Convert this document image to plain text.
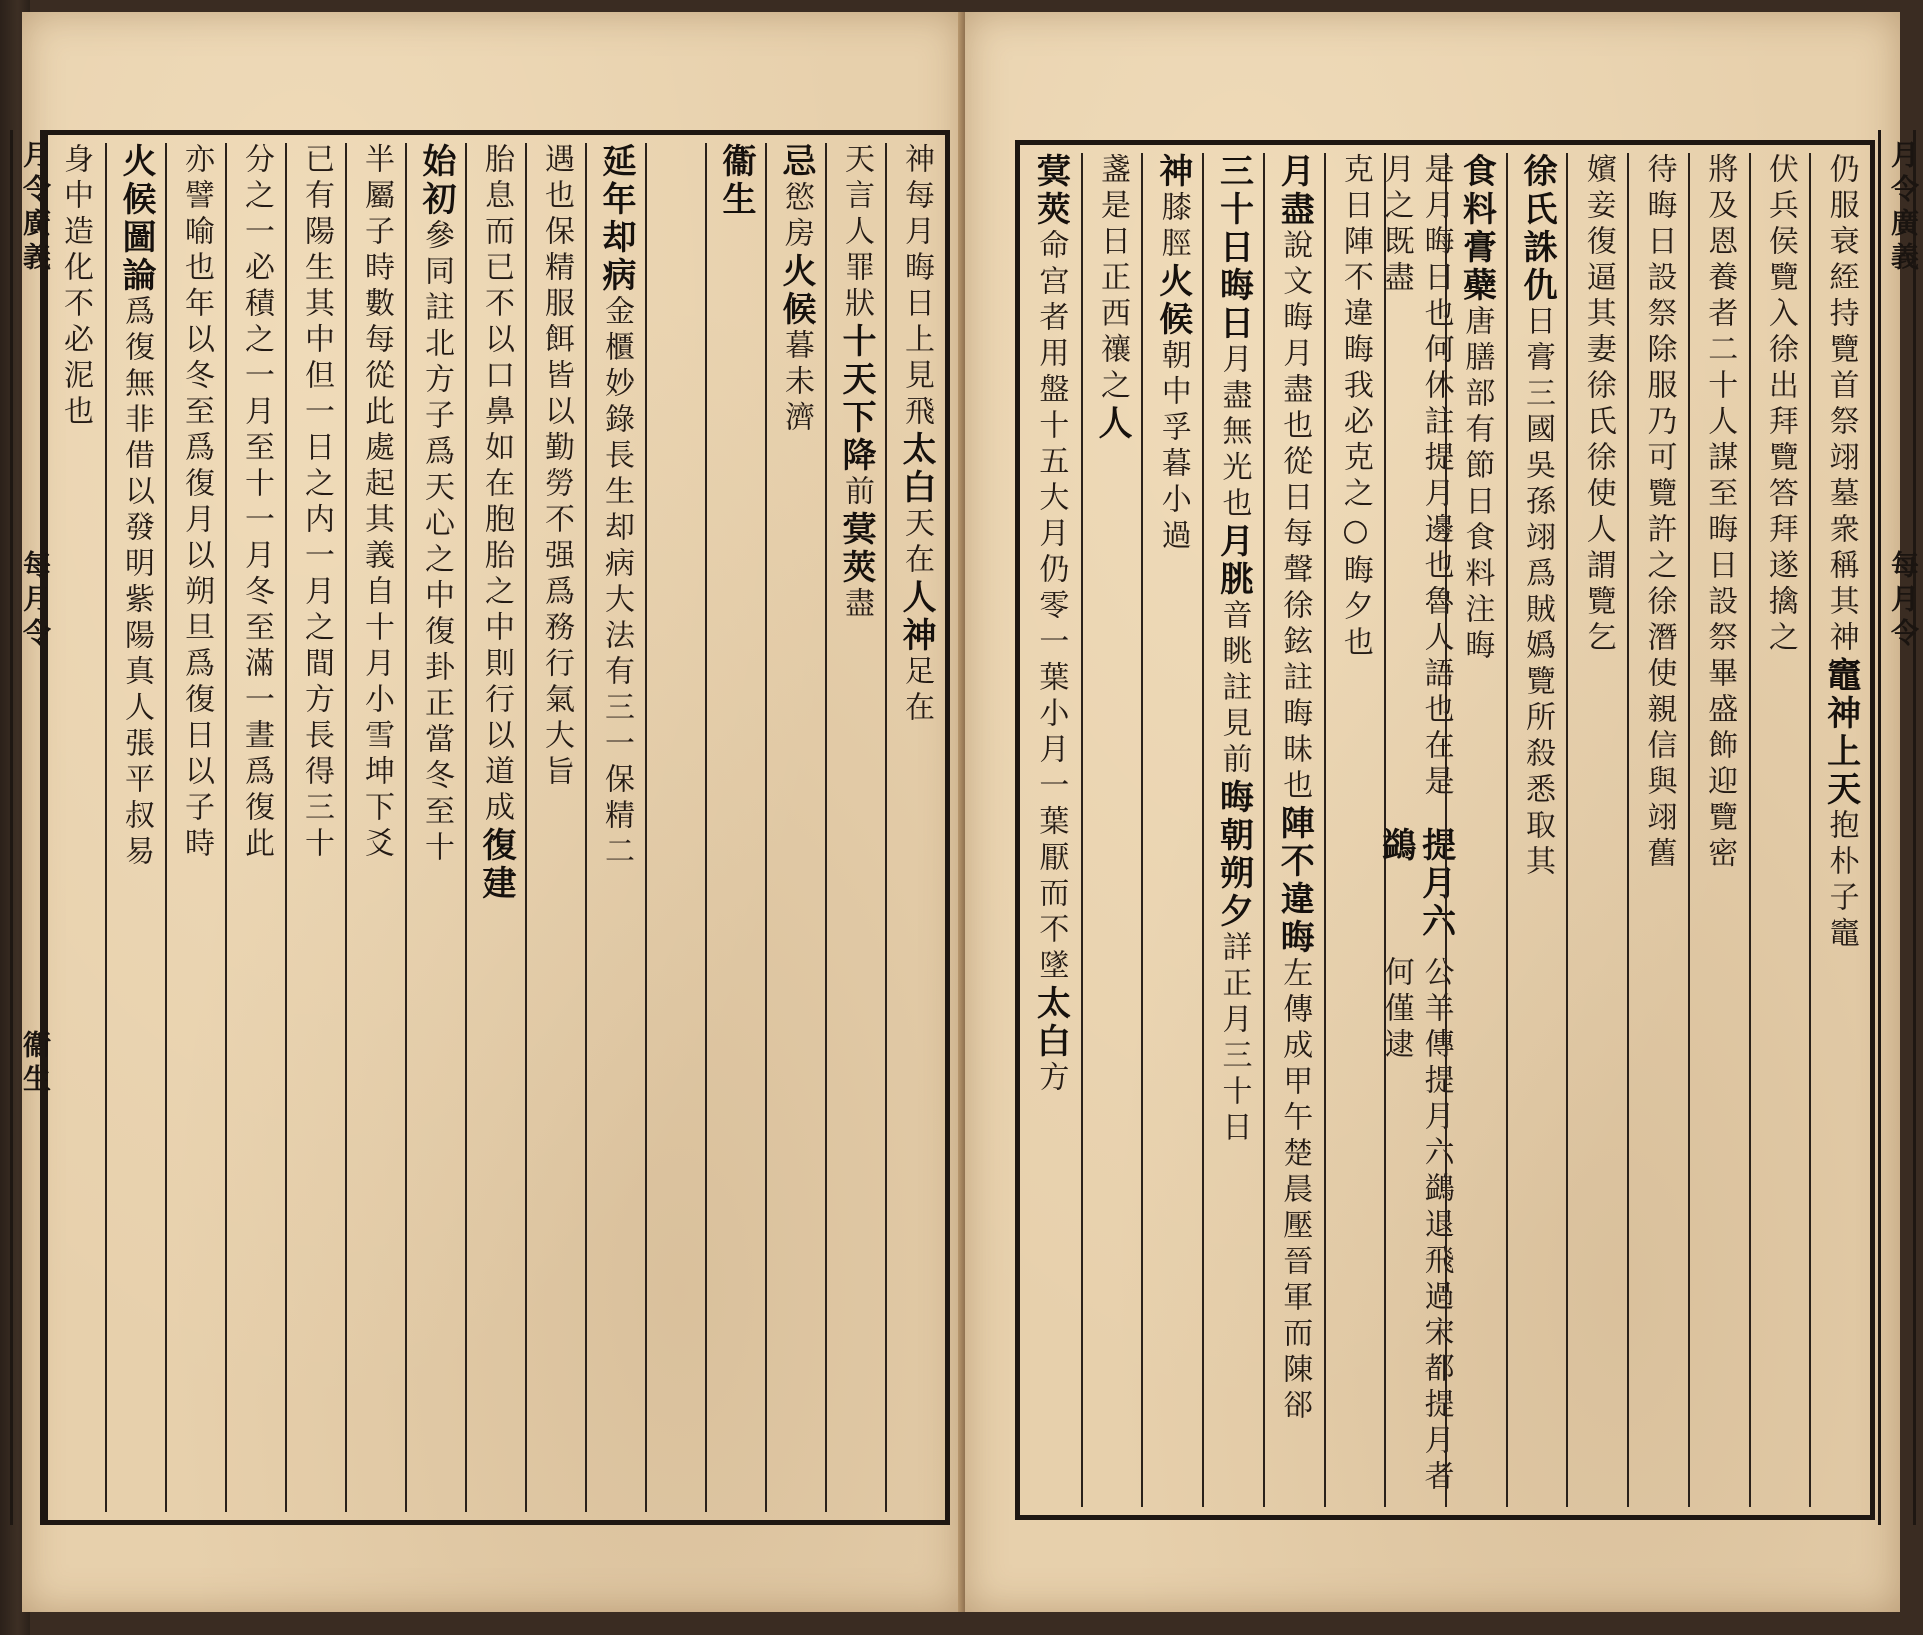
月令廣義
每月令
衞生
月令廣義
每月令
身中造化不必泥也 火候圖論
爲復無非借以發明
紫陽真人張平叔易 亦譬喻也年以冬至爲復月以朔旦爲復日以子時 分之一必積之一月至十一月冬至滿一晝爲復此 已有陽生其中但一日之内一月之間方長得三十 半屬子時數每從此處起其義自十月小雪坤下爻 始初
參同註北方子爲天心之中復卦正當冬至十 胎息而已不以口鼻如在胞胎之中則行以道成
復建
遇也保精服餌皆以勤勞不强爲務行氣大旨 延年却病
金櫃妙錄長生却病大法有三一保精二
衞生 忌
慾房
火候
暮未濟
天言人罪狀
十天下降
前
蓂莢
盡
神每月晦日上
見飛
太白
天在
人神
足在
蓂莢
命宫者用盤十五
大月仍零一葉小月一葉厭而不墜
太白
方
盞是日正西禳之
人
神
膝脛
火候
朝中孚暮小過
三十日晦日
月盡無光也
月朓
音眺註見前
晦朝朔夕
詳正月三十日
月盡
說文晦月盡也從日每聲徐鉉註晦昧也
陣不違晦
左傳成甲午楚晨壓晉軍而陳郤
克日陣不違晦我必克之○晦夕也	是月晦日也何休註提月邊也魯人語也在是月之既盡
提月六鷁
公羊傳提月六鷁退飛過宋都提月者何僅逮
食料膏蘗
唐膳部有節日食料注晦
徐氏誅仇
日膏
三國吳孫翊爲賊嬀覽所殺悉取其 嬪妾復逼其妻徐氏徐使人謂覽乞 待晦日設祭除服乃可覽許之徐潛使親信與翊舊 將及恩養者二十人謀至晦日設祭畢盛飾迎覽密 伏兵侯覽入徐出拜覽答拜遂擒之 仍服衰絰持覽首祭翊墓衆稱其神
竈神上天
抱朴子竈
